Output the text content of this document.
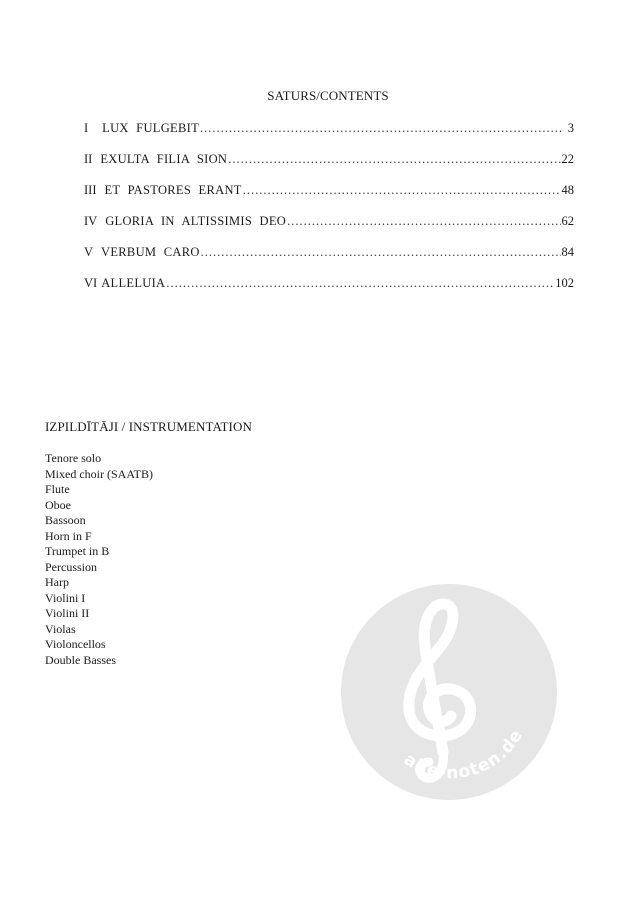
SATURS/CONTENTS
I LUX FULGEBIT .....	3
II EXULTA FILIA SION .....	22
III ET PASTORES ERANT .....	48
IV GLORIA IN ALTISSIMIS DEO .....	62
V VERBUM CARO .....	84
VI ALLELUIA .....	102
IZPILDĪTĀJI / INSTRUMENTATION
Tenore solo
Mixed choir (SAATB)
Flute
Oboe
Bassoon
Horn in F
Trumpet in B
Percussion
Harp
Violini I
Violini II
Violas
Violoncellos
Double Basses
alle-noten.de
